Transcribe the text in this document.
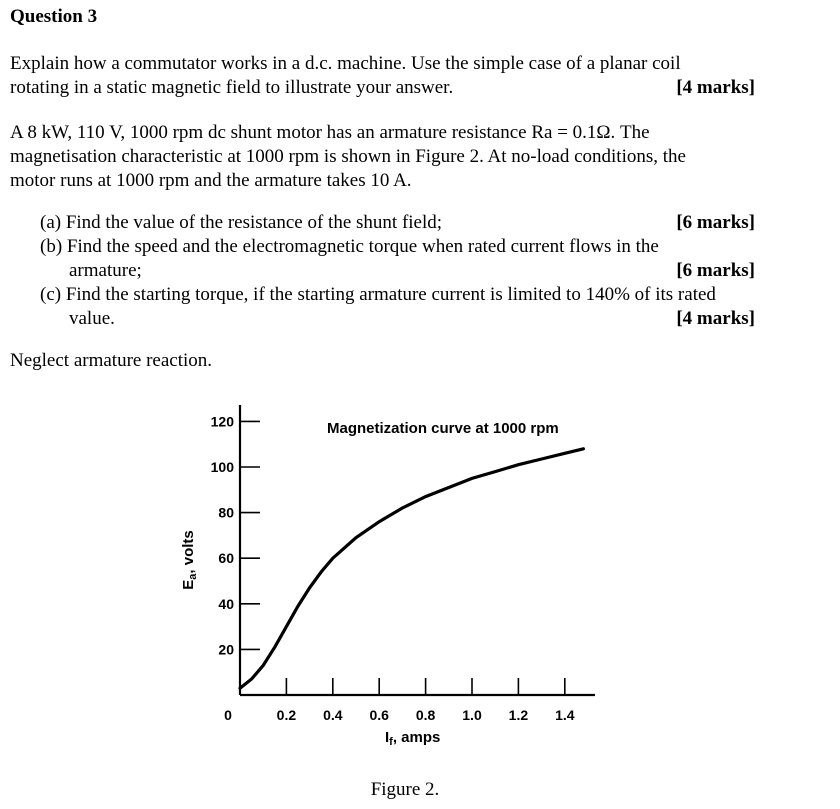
Question 3
Explain how a commutator works in a d.c. machine. Use the simple case of a planar coil
rotating in a static magnetic field to illustrate your answer.	[4 marks]
A 8 kW, 110 V, 1000 rpm dc shunt motor has an armature resistance Ra = 0.1Ω. The
magnetisation characteristic at 1000 rpm is shown in Figure 2. At no-load conditions, the
motor runs at 1000 rpm and the armature takes 10 A.
(a) Find the value of the resistance of the shunt field;	[6 marks]
(b) Find the speed and the electromagnetic torque when rated current flows in the
armature;	[6 marks]
(c) Find the starting torque, if the starting armature current is limited to 140% of its rated
value.	[4 marks]
Neglect armature reaction.
20
40
60
80
100
120
0	0.2 0.4 0.6 0.8 1.0 1.2 1.4
Magnetization curve at 1000 rpm
$E_a$, volts
$I_f$, amps
Figure 2.
